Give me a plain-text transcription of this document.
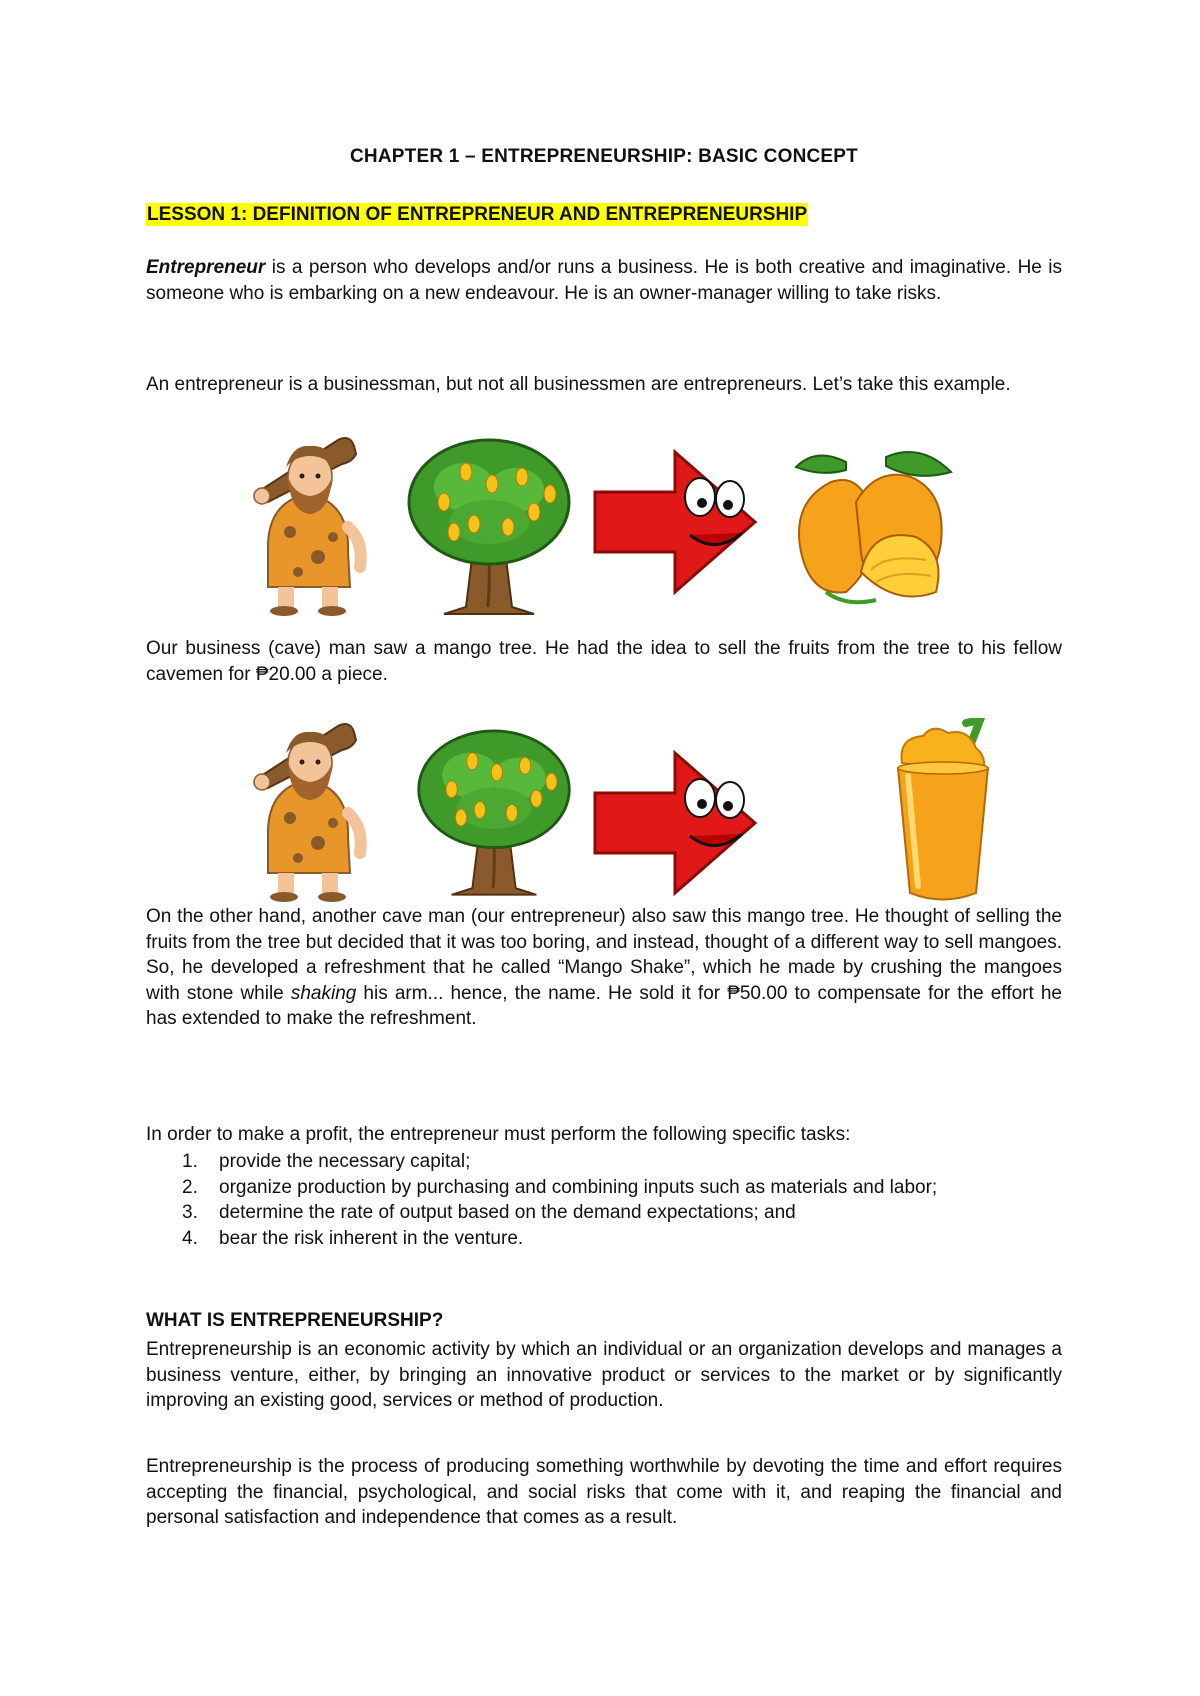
CHAPTER 1 – ENTREPRENEURSHIP: BASIC CONCEPT
LESSON 1: DEFINITION OF ENTREPRENEUR AND ENTREPRENEURSHIP
Entrepreneur is a person who develops and/or runs a business. He is both creative and imaginative. He is someone who is embarking on a new endeavour. He is an owner-manager willing to take risks.
An entrepreneur is a businessman, but not all businessmen are entrepreneurs. Let’s take this example.
Our business (cave) man saw a mango tree. He had the idea to sell the fruits from the tree to his fellow cavemen for ₱20.00 a piece.
On the other hand, another cave man (our entrepreneur) also saw this mango tree. He thought of selling the fruits from the tree but decided that it was too boring, and instead, thought of a different way to sell mangoes. So, he developed a refreshment that he called “Mango Shake”, which he made by crushing the mangoes with stone while shaking his arm... hence, the name. He sold it for ₱50.00 to compensate for the effort he has extended to make the refreshment.
In order to make a profit, the entrepreneur must perform the following specific tasks:
1. provide the necessary capital;
2. organize production by purchasing and combining inputs such as materials and labor;
3. determine the rate of output based on the demand expectations; and
4. bear the risk inherent in the venture.
WHAT IS ENTREPRENEURSHIP?
Entrepreneurship is an economic activity by which an individual or an organization develops and manages a business venture, either, by bringing an innovative product or services to the market or by significantly improving an existing good, services or method of production.
Entrepreneurship is the process of producing something worthwhile by devoting the time and effort requires accepting the financial, psychological, and social risks that come with it, and reaping the financial and personal satisfaction and independence that comes as a result.
